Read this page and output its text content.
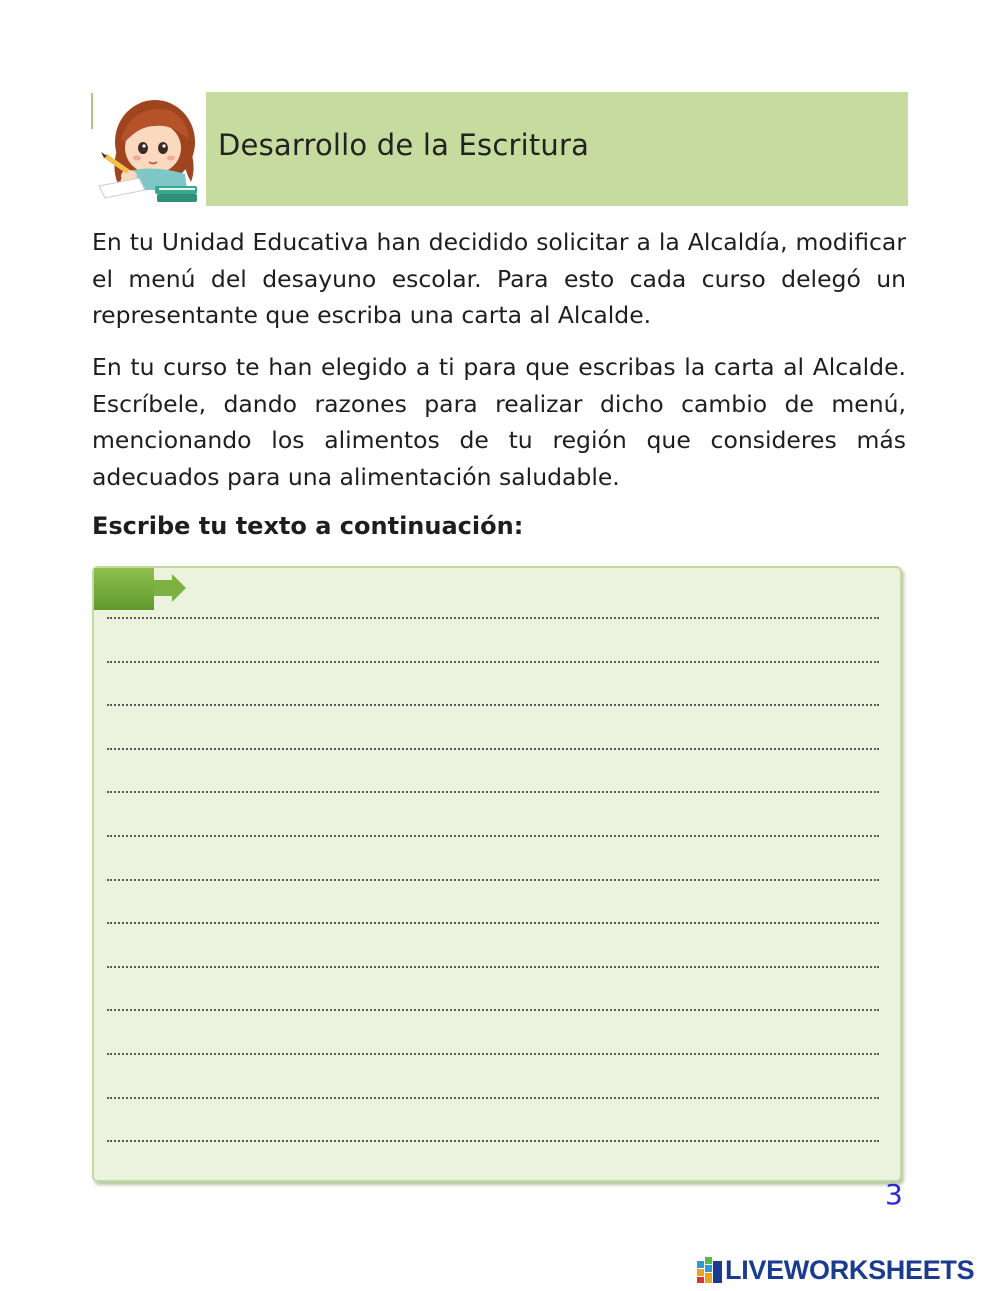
Desarrollo de la Escritura

En tu Unidad Educativa han decidido solicitar a la Alcaldía, modificar el menú del desayuno escolar. Para esto cada curso delegó un representante que escriba una carta al Alcalde.

En tu curso te han elegido a ti para que escribas la carta al Alcalde. Escríbele, dando razones para realizar dicho cambio de menú, mencionando los alimentos de tu región que consideres más adecuados para una alimentación saludable.

Escribe tu texto a continuación:

3
LIVEWORKSHEETS
